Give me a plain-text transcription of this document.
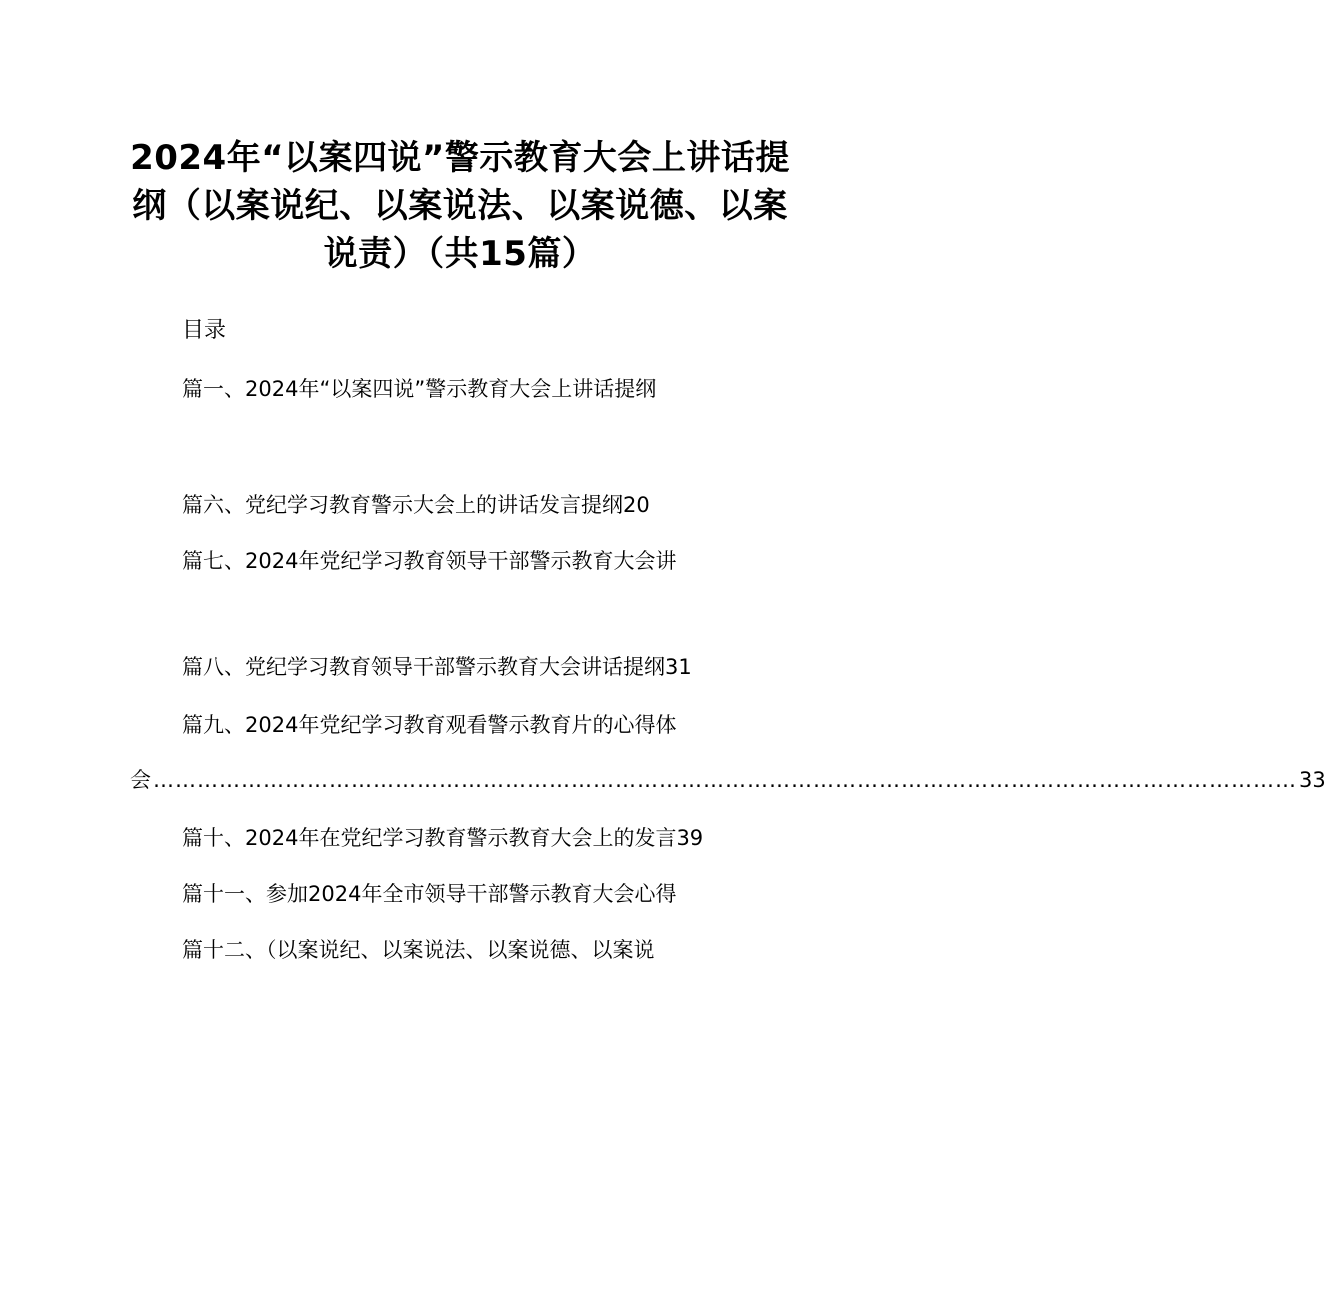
2024年“以案四说”警示教育大会上讲话提
纲（以案说纪、以案说法、以案说德、以案
说责）（共15篇）
目录
篇一、2024年“以案四说”警示教育大会上讲话提纲
篇六、党纪学习教育警示大会上的讲话发言提纲20
篇七、2024年党纪学习教育领导干部警示教育大会讲
篇八、党纪学习教育领导干部警示教育大会讲话提纲31
篇九、2024年党纪学习教育观看警示教育片的心得体
会 ………………………………………………………………………………………………………………………………………… 33
篇十、2024年在党纪学习教育警示教育大会上的发言39
篇十一、参加2024年全市领导干部警示教育大会心得
篇十二、（以案说纪、以案说法、以案说德、以案说
